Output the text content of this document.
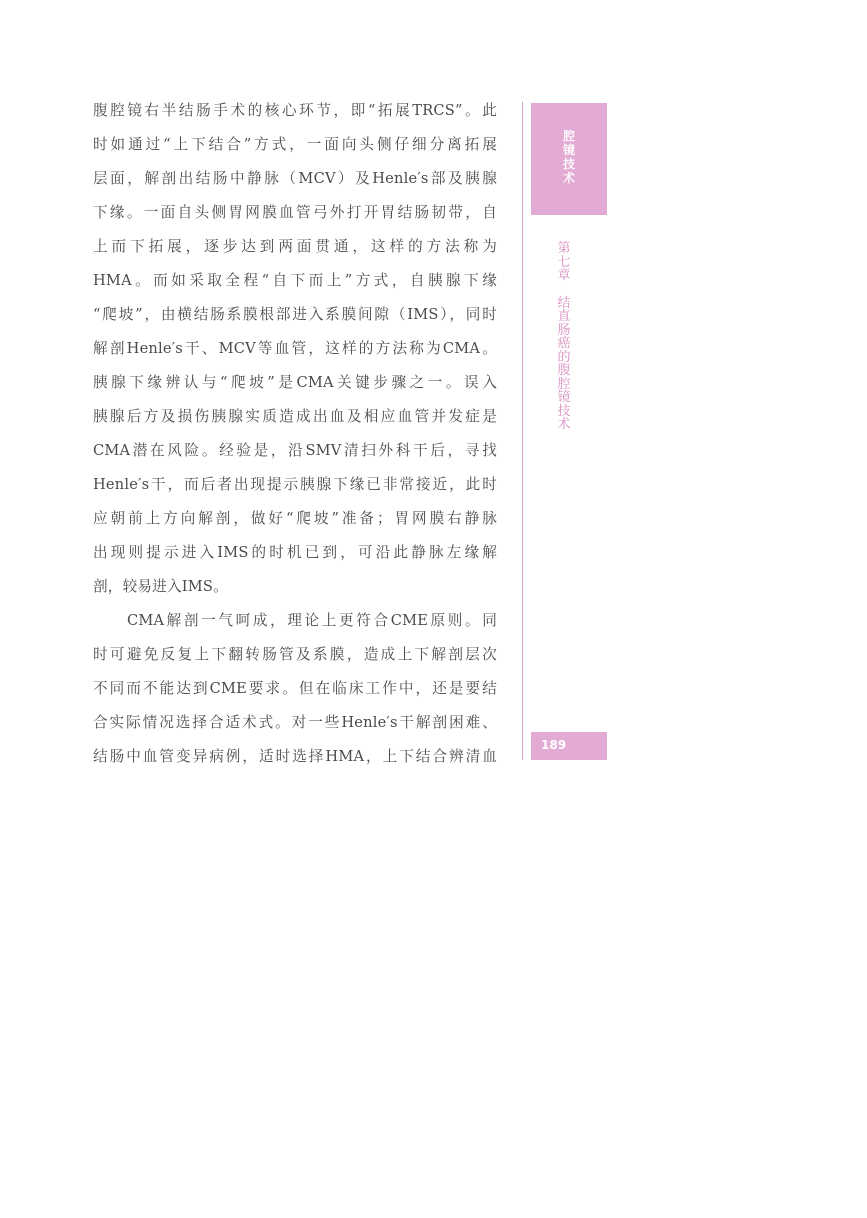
腹腔镜右半结肠手术的核心环节，即“拓展TRCS”。此
时如通过“上下结合”方式，一面向头侧仔细分离拓展
层面，解剖出结肠中静脉（MCV）及Henle′s部及胰腺
下缘。一面自头侧胃网膜血管弓外打开胃结肠韧带，自
上而下拓展，逐步达到两面贯通，这样的方法称为
HMA。而如采取全程“自下而上”方式，自胰腺下缘
“爬坡”，由横结肠系膜根部进入系膜间隙（IMS），同时
解剖Henle′s干、MCV等血管，这样的方法称为CMA。
胰腺下缘辨认与“爬坡”是CMA关键步骤之一。误入
胰腺后方及损伤胰腺实质造成出血及相应血管并发症是
CMA潜在风险。经验是，沿SMV清扫外科干后，寻找
Henle′s干，而后者出现提示胰腺下缘已非常接近，此时
应朝前上方向解剖，做好“爬坡”准备；胃网膜右静脉
出现则提示进入IMS的时机已到，可沿此静脉左缘解
剖，较易进入IMS。
CMA解剖一气呵成，理论上更符合CME原则。同
时可避免反复上下翻转肠管及系膜，造成上下解剖层次
不同而不能达到CME要求。但在临床工作中，还是要结
合实际情况选择合适术式。对一些Henle′s干解剖困难、
结肠中血管变异病例，适时选择HMA，上下结合辨清血
腔
镜
技
术
第
七
章
结
直
肠
癌
的
腹
腔
镜
技
术
189
